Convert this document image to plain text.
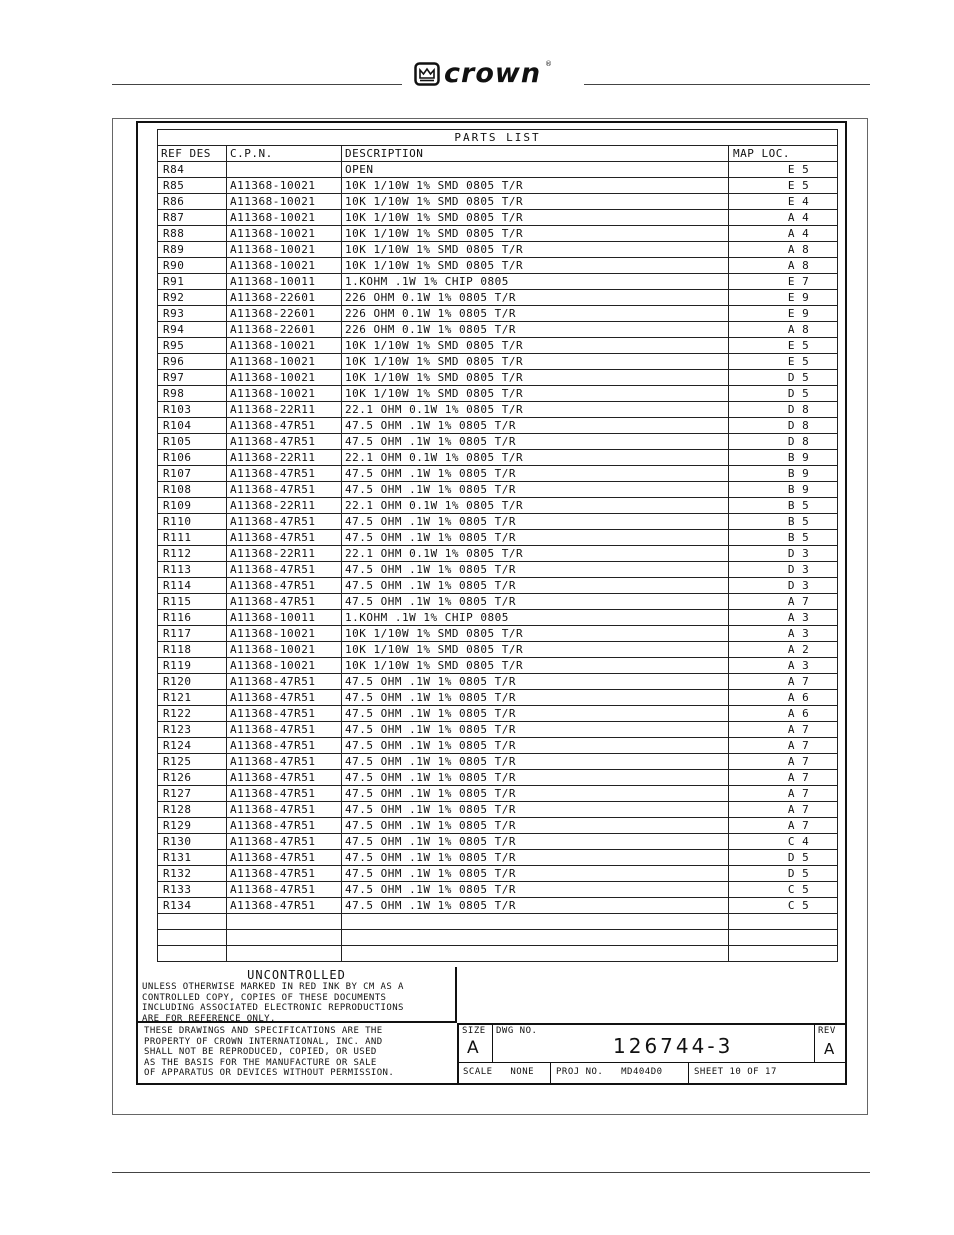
crown ®
PARTS LIST			
REF DES	C.P.N.	DESCRIPTION	MAP LOC.
R84		OPEN	E 5
R85	A11368-10021	10K 1/10W 1% SMD 0805 T/R	E 5
R86	A11368-10021	10K 1/10W 1% SMD 0805 T/R	E 4
R87	A11368-10021	10K 1/10W 1% SMD 0805 T/R	A 4
R88	A11368-10021	10K 1/10W 1% SMD 0805 T/R	A 4
R89	A11368-10021	10K 1/10W 1% SMD 0805 T/R	A 8
R90	A11368-10021	10K 1/10W 1% SMD 0805 T/R	A 8
R91	A11368-10011	1.KOHM .1W 1% CHIP 0805	E 7
R92	A11368-22601	226 OHM 0.1W 1% 0805 T/R	E 9
R93	A11368-22601	226 OHM 0.1W 1% 0805 T/R	E 9
R94	A11368-22601	226 OHM 0.1W 1% 0805 T/R	A 8
R95	A11368-10021	10K 1/10W 1% SMD 0805 T/R	E 5
R96	A11368-10021	10K 1/10W 1% SMD 0805 T/R	E 5
R97	A11368-10021	10K 1/10W 1% SMD 0805 T/R	D 5
R98	A11368-10021	10K 1/10W 1% SMD 0805 T/R	D 5
R103	A11368-22R11	22.1 OHM 0.1W 1% 0805 T/R	D 8
R104	A11368-47R51	47.5 OHM .1W 1% 0805 T/R	D 8
R105	A11368-47R51	47.5 OHM .1W 1% 0805 T/R	D 8
R106	A11368-22R11	22.1 OHM 0.1W 1% 0805 T/R	B 9
R107	A11368-47R51	47.5 OHM .1W 1% 0805 T/R	B 9
R108	A11368-47R51	47.5 OHM .1W 1% 0805 T/R	B 9
R109	A11368-22R11	22.1 OHM 0.1W 1% 0805 T/R	B 5
R110	A11368-47R51	47.5 OHM .1W 1% 0805 T/R	B 5
R111	A11368-47R51	47.5 OHM .1W 1% 0805 T/R	B 5
R112	A11368-22R11	22.1 OHM 0.1W 1% 0805 T/R	D 3
R113	A11368-47R51	47.5 OHM .1W 1% 0805 T/R	D 3
R114	A11368-47R51	47.5 OHM .1W 1% 0805 T/R	D 3
R115	A11368-47R51	47.5 OHM .1W 1% 0805 T/R	A 7
R116	A11368-10011	1.KOHM .1W 1% CHIP 0805	A 3
R117	A11368-10021	10K 1/10W 1% SMD 0805 T/R	A 3
R118	A11368-10021	10K 1/10W 1% SMD 0805 T/R	A 2
R119	A11368-10021	10K 1/10W 1% SMD 0805 T/R	A 3
R120	A11368-47R51	47.5 OHM .1W 1% 0805 T/R	A 7
R121	A11368-47R51	47.5 OHM .1W 1% 0805 T/R	A 6
R122	A11368-47R51	47.5 OHM .1W 1% 0805 T/R	A 6
R123	A11368-47R51	47.5 OHM .1W 1% 0805 T/R	A 7
R124	A11368-47R51	47.5 OHM .1W 1% 0805 T/R	A 7
R125	A11368-47R51	47.5 OHM .1W 1% 0805 T/R	A 7
R126	A11368-47R51	47.5 OHM .1W 1% 0805 T/R	A 7
R127	A11368-47R51	47.5 OHM .1W 1% 0805 T/R	A 7
R128	A11368-47R51	47.5 OHM .1W 1% 0805 T/R	A 7
R129	A11368-47R51	47.5 OHM .1W 1% 0805 T/R	A 7
R130	A11368-47R51	47.5 OHM .1W 1% 0805 T/R	C 4
R131	A11368-47R51	47.5 OHM .1W 1% 0805 T/R	D 5
R132	A11368-47R51	47.5 OHM .1W 1% 0805 T/R	D 5
R133	A11368-47R51	47.5 OHM .1W 1% 0805 T/R	C 5
R134	A11368-47R51	47.5 OHM .1W 1% 0805 T/R	C 5

UNCONTROLLED
UNLESS OTHERWISE MARKED IN RED INK BY CM AS A
CONTROLLED COPY, COPIES OF THESE DOCUMENTS
INCLUDING ASSOCIATED ELECTRONIC REPRODUCTIONS
ARE FOR REFERENCE ONLY.
THESE DRAWINGS AND SPECIFICATIONS ARE THE
PROPERTY OF CROWN INTERNATIONAL, INC. AND
SHALL NOT BE REPRODUCED, COPIED, OR USED
AS THE BASIS FOR THE MANUFACTURE OR SALE
OF APPARATUS OR DEVICES WITHOUT PERMISSION.
SIZE
A
DWG NO.
126744-3
REV
A
SCALE NONE	PROJ NO. MD404D0	SHEET 10 OF 17
